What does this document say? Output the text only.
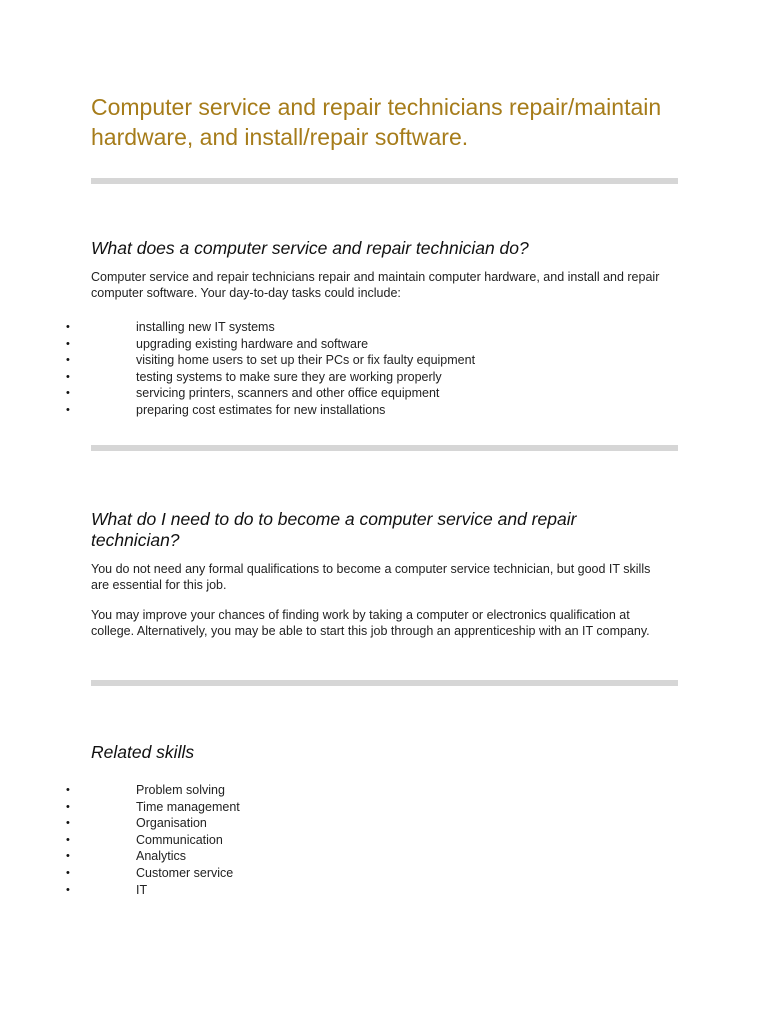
Computer service and repair technicians repair/maintain hardware, and install/repair software.
What does a computer service and repair technician do?

Computer service and repair technicians repair and maintain computer hardware, and install and repair computer software. Your day-to-day tasks could include:

•	installing new IT systems
•	upgrading existing hardware and software
•	visiting home users to set up their PCs or fix faulty equipment
•	testing systems to make sure they are working properly
•	servicing printers, scanners and other office equipment
•	preparing cost estimates for new installations
What do I need to do to become a computer service and repair technician?

You do not need any formal qualifications to become a computer service technician, but good IT skills are essential for this job.

You may improve your chances of finding work by taking a computer or electronics qualification at college. Alternatively, you may be able to start this job through an apprenticeship with an IT company.

Related skills
•	Problem solving
•	Time management
•	Organisation
•	Communication
•	Analytics
•	Customer service
•	IT
